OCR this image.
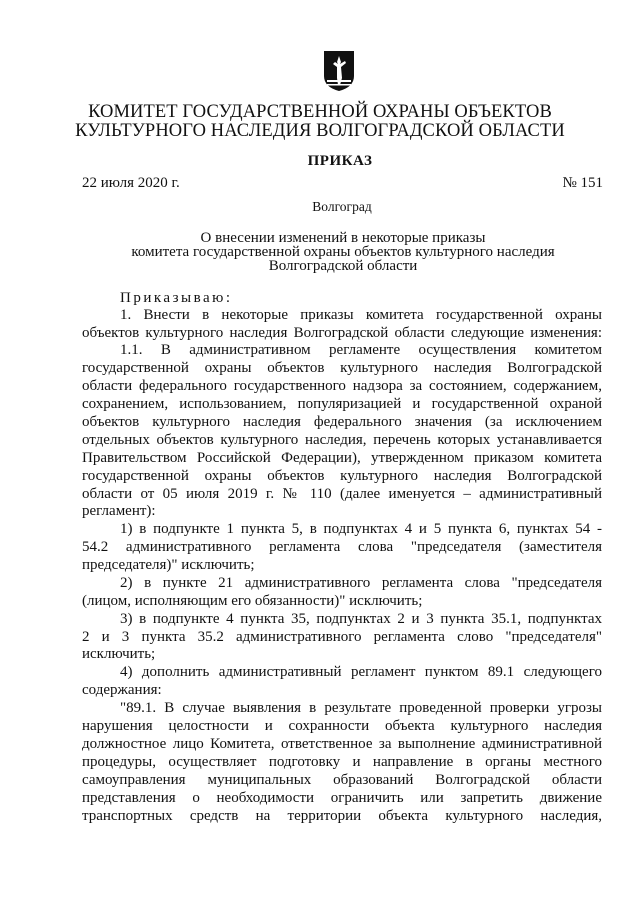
КОМИТЕТ ГОСУДАРСТВЕННОЙ ОХРАНЫ ОБЪЕКТОВ
КУЛЬТУРНОГО НАСЛЕДИЯ ВОЛГОГРАДСКОЙ ОБЛАСТИ
ПРИКАЗ
22 июля 2020 г.	№ 151
Волгоград
О внесении изменений в некоторые приказы
комитета государственной охраны объектов культурного наследия
Волгоградской области
Приказываю:
1. Внести в некоторые приказы комитета государственной охраны
объектов культурного наследия Волгоградской области следующие изменения:
1.1. В административном регламенте осуществления комитетом
государственной охраны объектов культурного наследия Волгоградской
области федерального государственного надзора за состоянием, содержанием,
сохранением, использованием, популяризацией и государственной охраной
объектов культурного наследия федерального значения (за исключением
отдельных объектов культурного наследия, перечень которых устанавливается
Правительством Российской Федерации), утвержденном приказом комитета
государственной охраны объектов культурного наследия Волгоградской
области от 05 июля 2019 г. № 110 (далее именуется – административный
регламент):
1) в подпункте 1 пункта 5, в подпунктах 4 и 5 пункта 6, пунктах 54 -
54.2 административного регламента слова "председателя (заместителя
председателя)" исключить;
2) в пункте 21 административного регламента слова "председателя
(лицом, исполняющим его обязанности)" исключить;
3) в подпункте 4 пункта 35, подпунктах 2 и 3 пункта 35.1, подпунктах
2 и 3 пункта 35.2 административного регламента слово "председателя"
исключить;
4) дополнить административный регламент пунктом 89.1 следующего
содержания:
"89.1. В случае выявления в результате проведенной проверки угрозы
нарушения целостности и сохранности объекта культурного наследия
должностное лицо Комитета, ответственное за выполнение административной
процедуры, осуществляет подготовку и направление в органы местного
самоуправления муниципальных образований Волгоградской области
представления о необходимости ограничить или запретить движение
транспортных средств на территории объекта культурного наследия,
